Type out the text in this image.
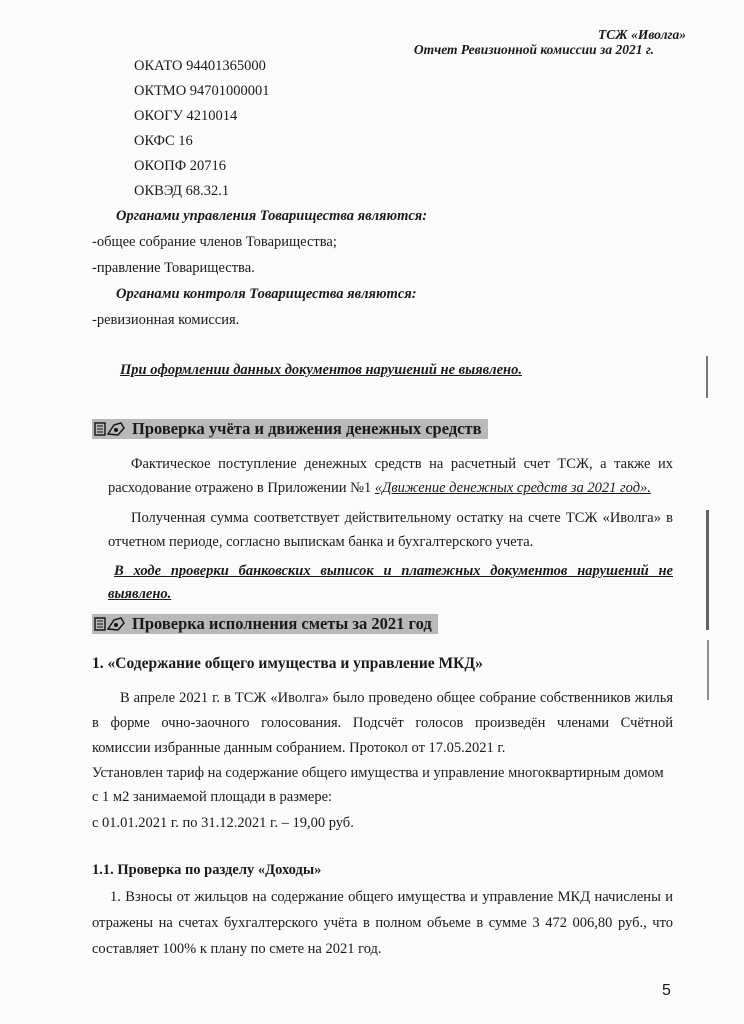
ТСЖ «Иволга»
Отчет Ревизионной комиссии за 2021 г.
ОКАТО 94401365000
ОКТМО 94701000001
ОКОГУ 4210014
ОКФС 16
ОКОПФ 20716
ОКВЭД 68.32.1
Органами управления Товарищества являются:
-общее собрание членов Товарищества;
-правление Товарищества.
Органами контроля Товарищества являются:
-ревизионная комиссия.
При оформлении данных документов нарушений не выявлено.
Проверка учёта и движения денежных средств
Фактическое поступление денежных средств на расчетный счет ТСЖ, а также их
расходование отражено в Приложении №1 «Движение денежных средств за 2021 год».
Полученная сумма соответствует действительному остатку на счете ТСЖ «Иволга» в
отчетном периоде, согласно выпискам банка и бухгалтерского учета.
В ходе проверки банковских выписок и платежных документов нарушений не
выявлено.
Проверка исполнения сметы за 2021 год
1. «Содержание общего имущества и управление МКД»
В апреле 2021 г. в ТСЖ «Иволга» было проведено общее собрание собственников жилья
в форме очно-заочного голосования. Подсчёт голосов произведён членами Счётной
комиссии избранные данным собранием. Протокол от 17.05.2021 г.
Установлен тариф на содержание общего имущества и управление многоквартирным домом
с 1 м2 занимаемой площади в размере:
с 01.01.2021 г. по 31.12.2021 г. – 19,00 руб.
1.1. Проверка по разделу «Доходы»
1. Взносы от жильцов на содержание общего имущества и управление МКД начислены и
отражены на счетах бухгалтерского учёта в полном объеме в сумме 3 472 006,80 руб., что
составляет 100% к плану по смете на 2021 год.
5
